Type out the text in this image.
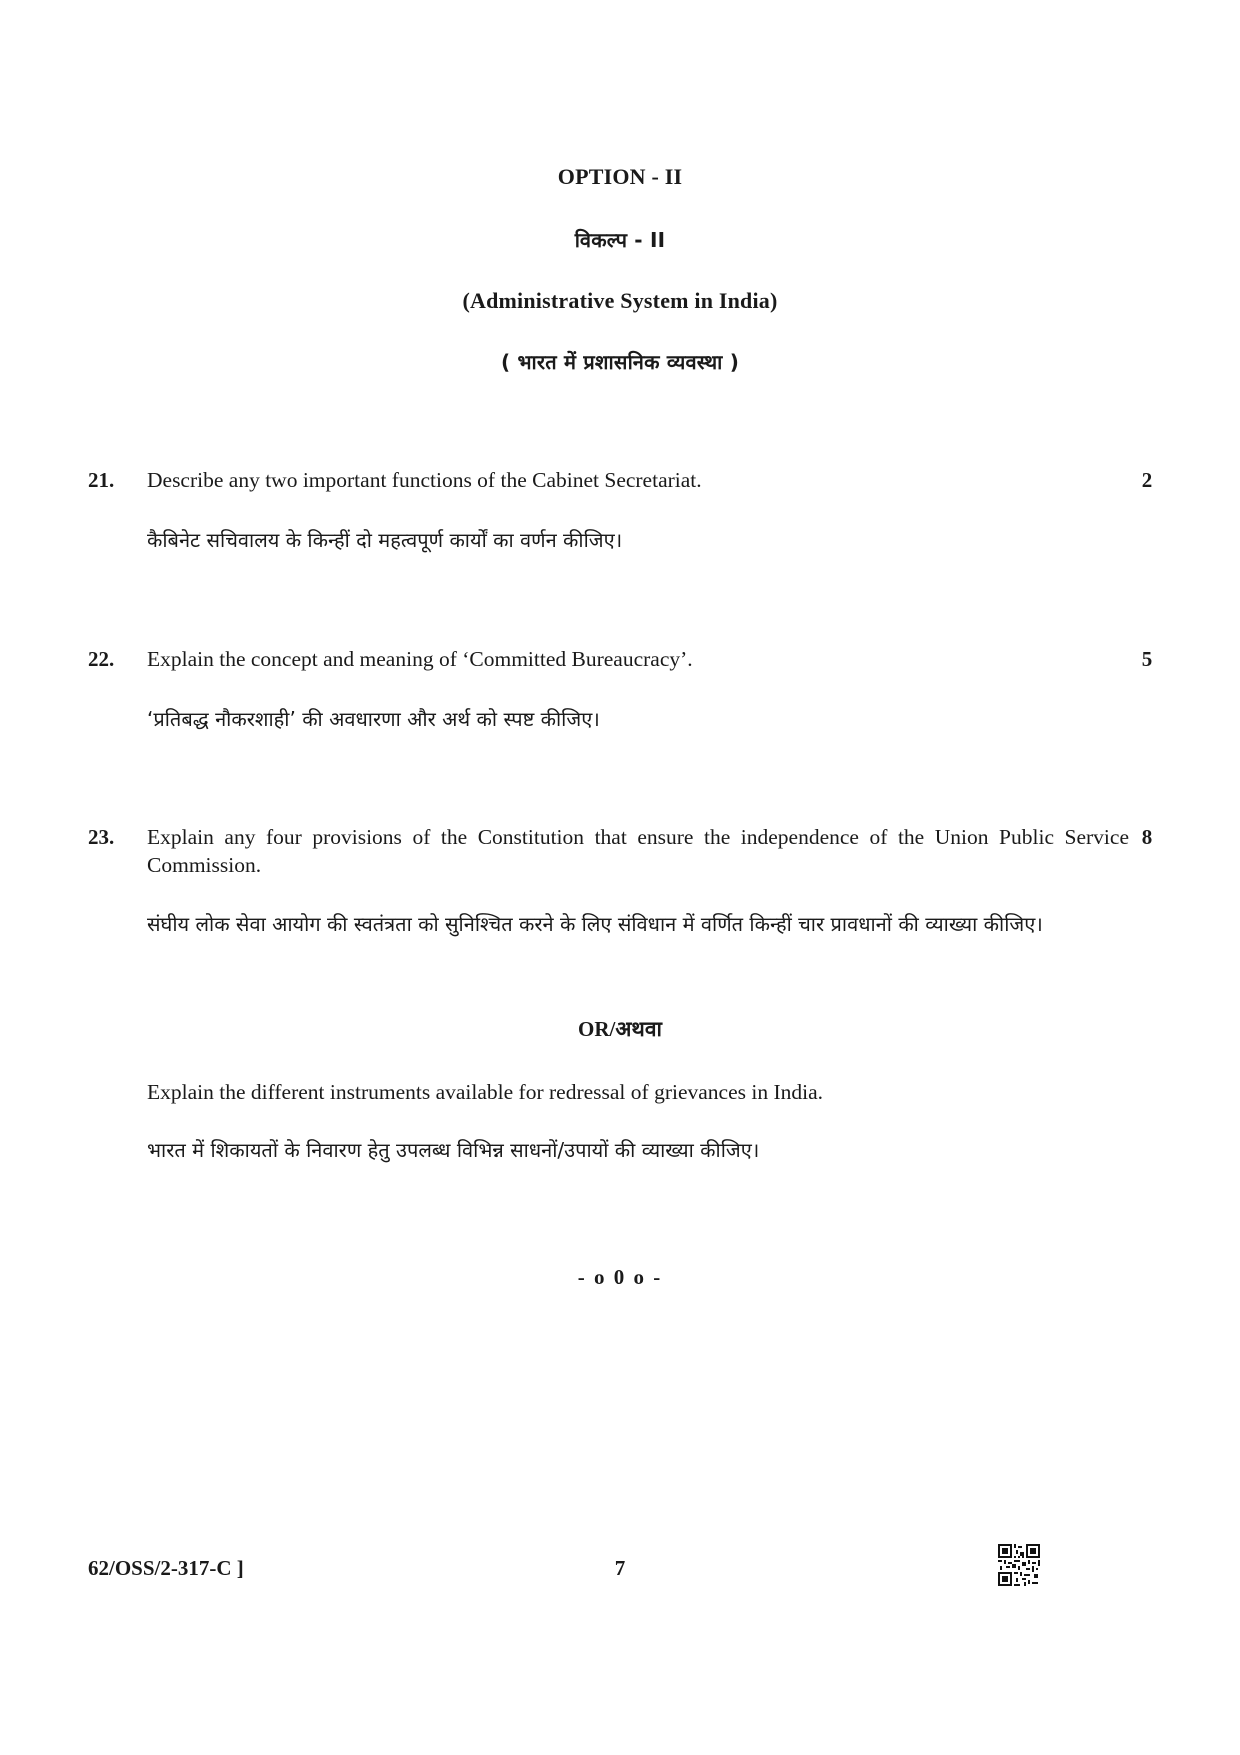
OPTION - II
विकल्प - II
(Administrative System in India)
( भारत में प्रशासनिक व्यवस्था )
21. Describe any two important functions of the Cabinet Secretariat.	2
कैबिनेट सचिवालय के किन्हीं दो महत्वपूर्ण कार्यों का वर्णन कीजिए।
22. Explain the concept and meaning of ‘Committed Bureaucracy’.	5
‘प्रतिबद्ध नौकरशाही’ की अवधारणा और अर्थ को स्पष्ट कीजिए।
23. Explain any four provisions of the Constitution that ensure the independence of the Union Public Service Commission.
8
संघीय लोक सेवा आयोग की स्वतंत्रता को सुनिश्चित करने के लिए संविधान में वर्णित किन्हीं चार प्रावधानों की व्याख्या कीजिए।
OR/अथवा
Explain the different instruments available for redressal of grievances in India.
भारत में शिकायतों के निवारण हेतु उपलब्ध विभिन्न साधनों/उपायों की व्याख्या कीजिए।
- o 0 o -
62/OSS/2-317-C ]	7
